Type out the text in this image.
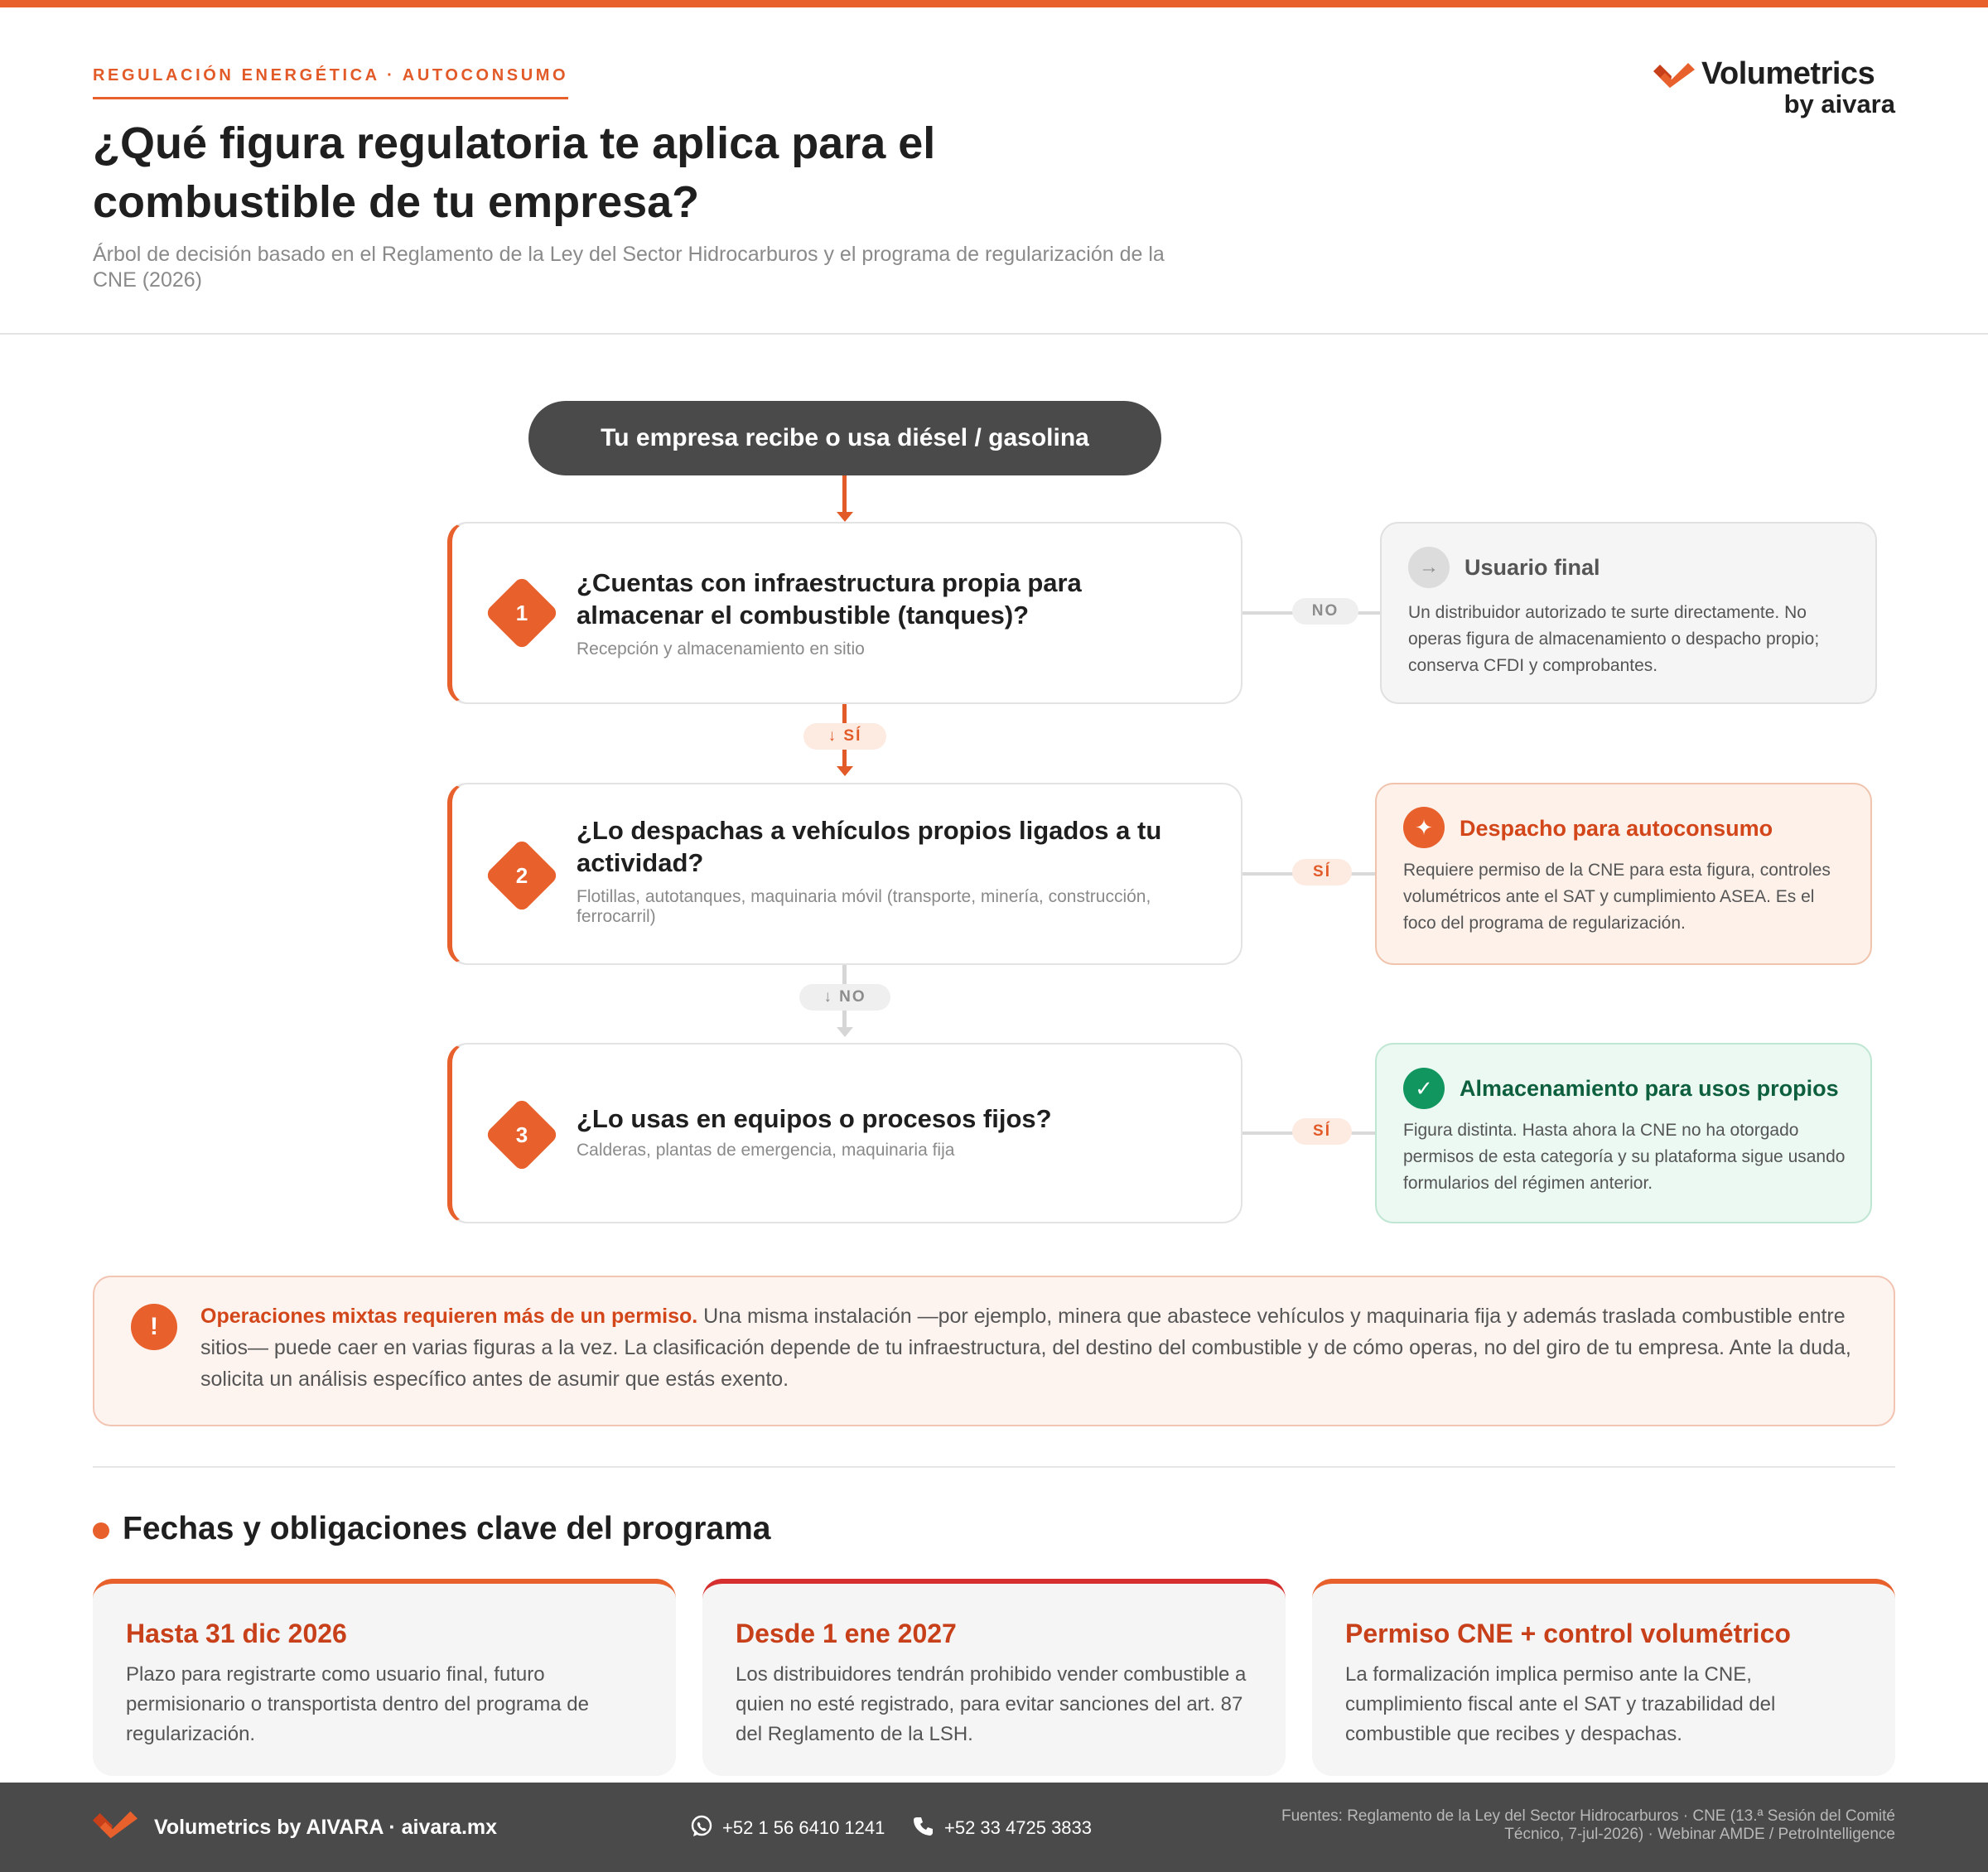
REGULACIÓN ENERGÉTICA · AUTOCONSUMO
¿Qué figura regulatoria te aplica para el combustible de tu empresa?
Árbol de decisión basado en el Reglamento de la Ley del Sector Hidrocarburos y el programa de regularización de la CNE (2026)
Volumetrics
by aivara
Tu empresa recibe o usa diésel / gasolina
1
¿Cuentas con infraestructura propia para almacenar el combustible (tanques)?
Recepción y almacenamiento en sitio
NO
↓ SÍ
2
¿Lo despachas a vehículos propios ligados a tu actividad?
Flotillas, autotanques, maquinaria móvil (transporte, minería, construcción, ferrocarril)
SÍ
↓ NO
3
¿Lo usas en equipos o procesos fijos?
Calderas, plantas de emergencia, maquinaria fija
SÍ
→	Usuario final
Un distribuidor autorizado te surte directamente. No operas figura de almacenamiento o despacho propio; conserva CFDI y comprobantes.
✦	Despacho para autoconsumo
Requiere permiso de la CNE para esta figura, controles volumétricos ante el SAT y cumplimiento ASEA. Es el foco del programa de regularización.
✓	Almacenamiento para usos propios
Figura distinta. Hasta ahora la CNE no ha otorgado permisos de esta categoría y su plataforma sigue usando formularios del régimen anterior.
!	Operaciones mixtas requieren más de un permiso. Una misma instalación —por ejemplo, minera que abastece vehículos y maquinaria fija y además traslada combustible entre sitios— puede caer en varias figuras a la vez. La clasificación depende de tu infraestructura, del destino del combustible y de cómo operas, no del giro de tu empresa. Ante la duda, solicita un análisis específico antes de asumir que estás exento.
Fechas y obligaciones clave del programa
Hasta 31 dic 2026
Plazo para registrarte como usuario final, futuro permisionario o transportista dentro del programa de regularización.
Desde 1 ene 2027
Los distribuidores tendrán prohibido vender combustible a quien no esté registrado, para evitar sanciones del art. 87 del Reglamento de la LSH.
Permiso CNE + control volumétrico
La formalización implica permiso ante la CNE, cumplimiento fiscal ante el SAT y trazabilidad del combustible que recibes y despachas.
Volumetrics by AIVARA · aivara.mx	+52 1 56 6410 1241	+52 33 4725 3833
Fuentes: Reglamento de la Ley del Sector Hidrocarburos · CNE (13.ª Sesión del Comité Técnico, 7-jul-2026) · Webinar AMDE / PetroIntelligence
